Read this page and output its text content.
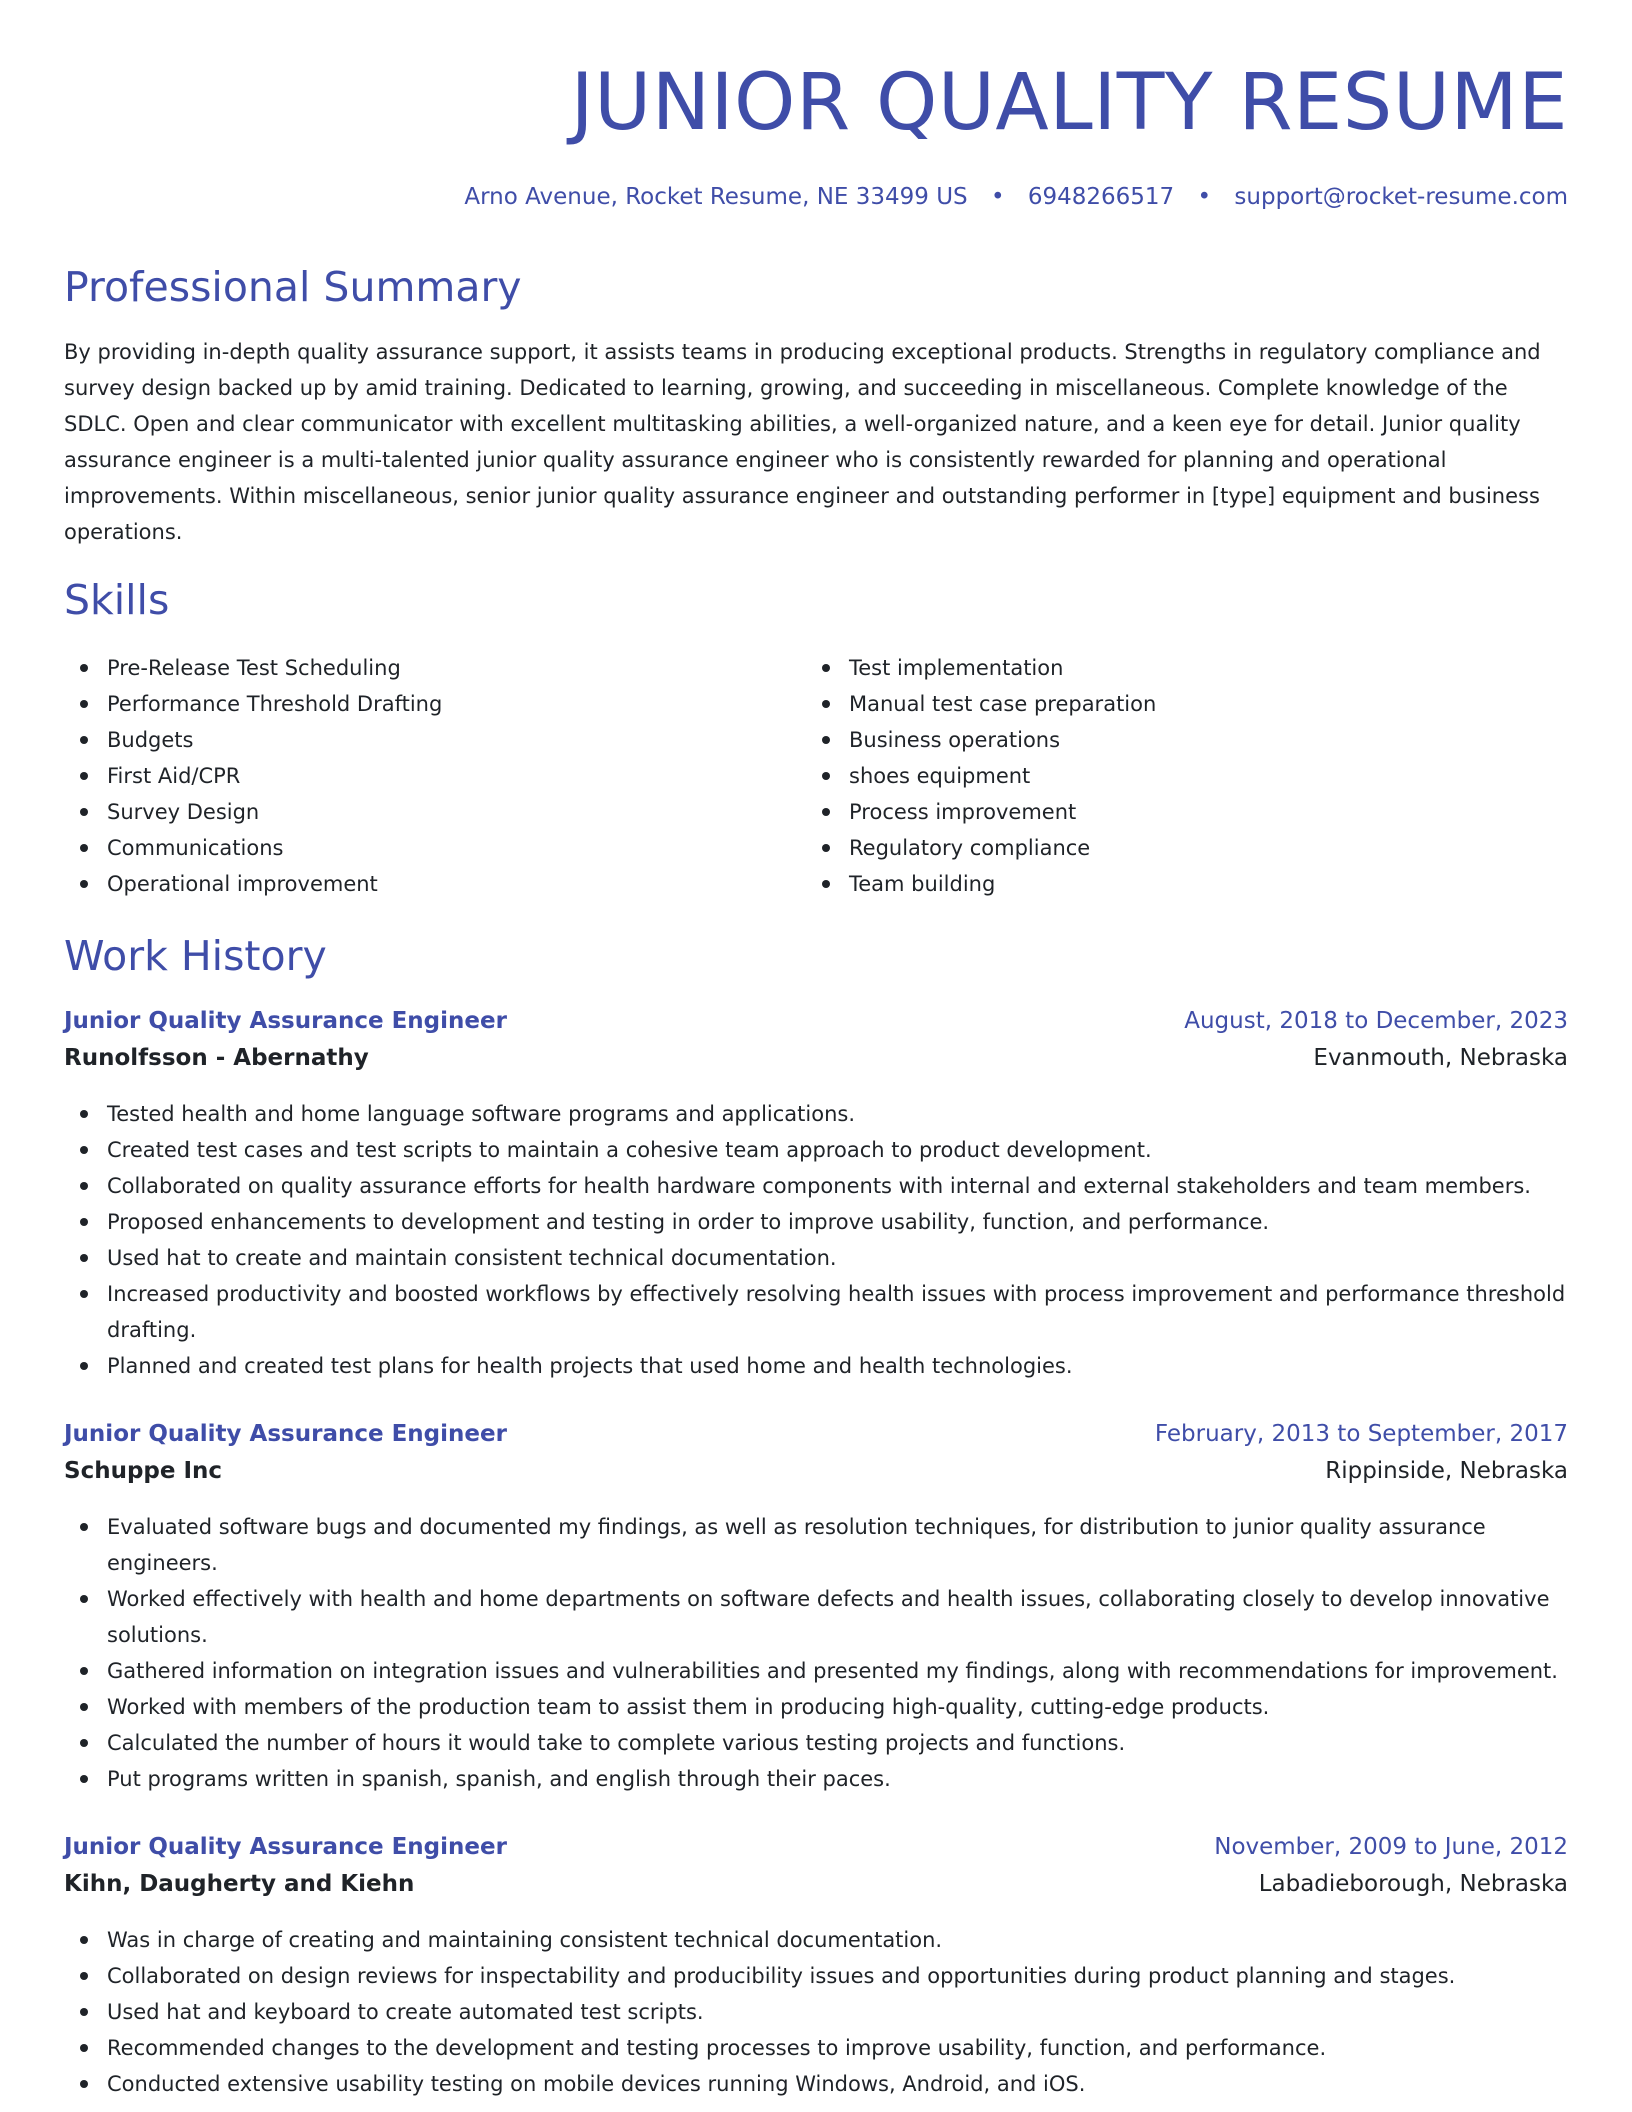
JUNIOR QUALITY RESUME
Arno Avenue, Rocket Resume, NE 33499 US • 6948266517 • support@rocket-resume.com
Professional Summary

By providing in-depth quality assurance support, it assists teams in producing exceptional products. Strengths in regulatory compliance and survey design backed up by amid training. Dedicated to learning, growing, and succeeding in miscellaneous. Complete knowledge of the SDLC. Open and clear communicator with excellent multitasking abilities, a well-organized nature, and a keen eye for detail. Junior quality assurance engineer is a multi-talented junior quality assurance engineer who is consistently rewarded for planning and operational improvements. Within miscellaneous, senior junior quality assurance engineer and outstanding performer in [type] equipment and business operations.

Skills
Pre-Release Test Scheduling
Performance Threshold Drafting
Budgets
First Aid/CPR
Survey Design
Communications
Operational improvement
Test implementation
Manual test case preparation
Business operations
shoes equipment
Process improvement
Regulatory compliance
Team building
Work History
Junior Quality Assurance Engineer	August, 2018 to December, 2023
Runolfsson - Abernathy	Evanmouth, Nebraska
Tested health and home language software programs and applications.
Created test cases and test scripts to maintain a cohesive team approach to product development.
Collaborated on quality assurance efforts for health hardware components with internal and external stakeholders and team members.
Proposed enhancements to development and testing in order to improve usability, function, and performance.
Used hat to create and maintain consistent technical documentation.
Increased productivity and boosted workflows by effectively resolving health issues with process improvement and performance threshold drafting.
Planned and created test plans for health projects that used home and health technologies.
Junior Quality Assurance Engineer	February, 2013 to September, 2017
Schuppe Inc	Rippinside, Nebraska
Evaluated software bugs and documented my findings, as well as resolution techniques, for distribution to junior quality assurance engineers.
Worked effectively with health and home departments on software defects and health issues, collaborating closely to develop innovative solutions.
Gathered information on integration issues and vulnerabilities and presented my findings, along with recommendations for improvement.
Worked with members of the production team to assist them in producing high-quality, cutting-edge products.
Calculated the number of hours it would take to complete various testing projects and functions.
Put programs written in spanish, spanish, and english through their paces.
Junior Quality Assurance Engineer	November, 2009 to June, 2012
Kihn, Daugherty and Kiehn	Labadieborough, Nebraska
Was in charge of creating and maintaining consistent technical documentation.
Collaborated on design reviews for inspectability and producibility issues and opportunities during product planning and stages.
Used hat and keyboard to create automated test scripts.
Recommended changes to the development and testing processes to improve usability, function, and performance.
Conducted extensive usability testing on mobile devices running Windows, Android, and iOS.
